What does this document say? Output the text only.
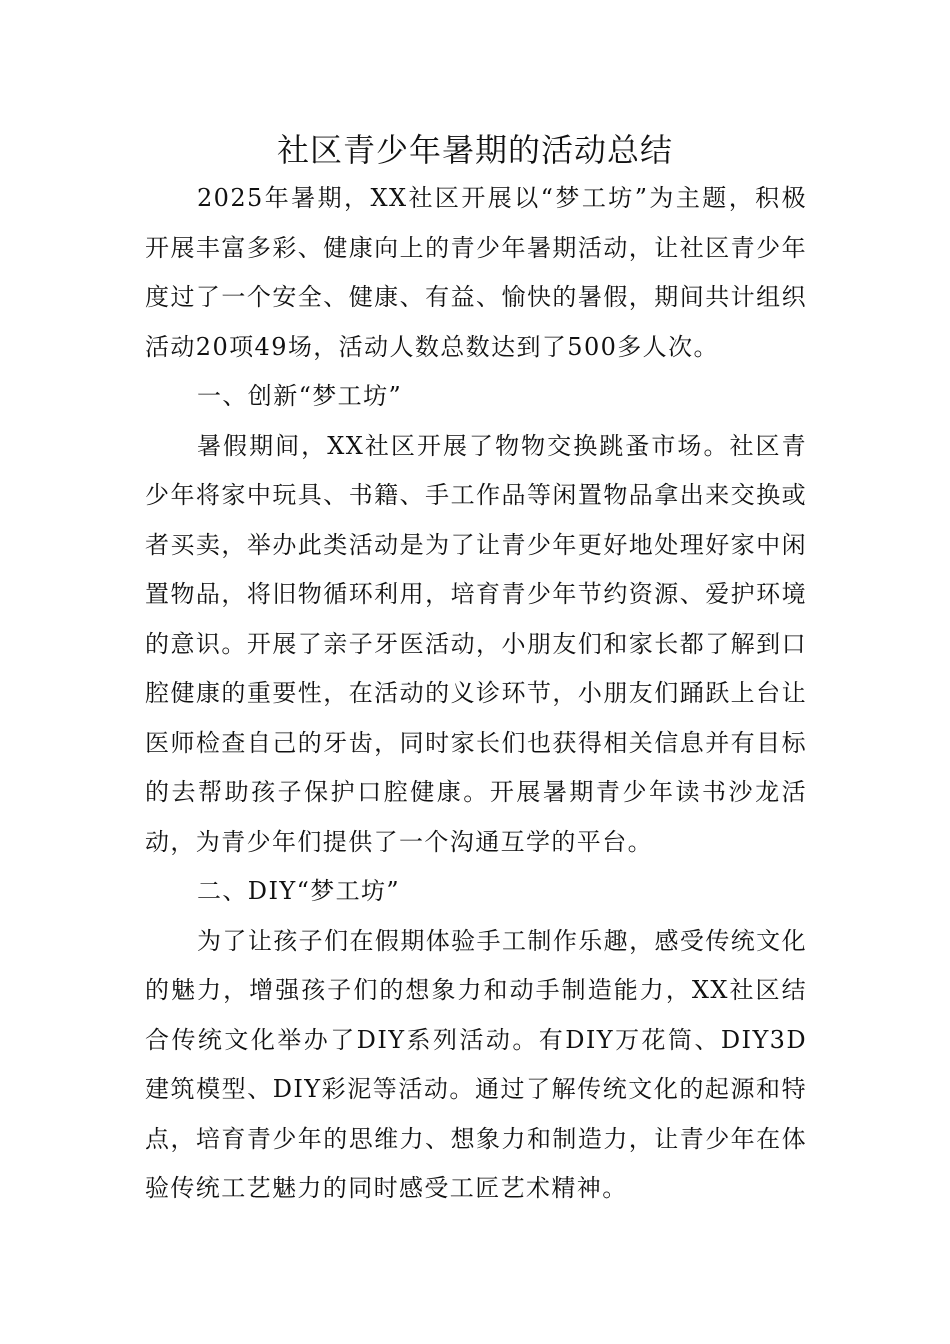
社区青少年暑期的活动总结

2025年暑期，XX社区开展以“梦工坊”为主题，积极开展丰富多彩、健康向上的青少年暑期活动，让社区青少年度过了一个安全、健康、有益、愉快的暑假，期间共计组织活动20项49场，活动人数总数达到了500多人次。

一、创新“梦工坊”

暑假期间，XX社区开展了物物交换跳蚤市场。社区青少年将家中玩具、书籍、手工作品等闲置物品拿出来交换或者买卖，举办此类活动是为了让青少年更好地处理好家中闲置物品，将旧物循环利用，培育青少年节约资源、爱护环境的意识。开展了亲子牙医活动，小朋友们和家长都了解到口腔健康的重要性，在活动的义诊环节，小朋友们踊跃上台让医师检查自己的牙齿，同时家长们也获得相关信息并有目标的去帮助孩子保护口腔健康。开展暑期青少年读书沙龙活动，为青少年们提供了一个沟通互学的平台。

二、DIY“梦工坊”

为了让孩子们在假期体验手工制作乐趣，感受传统文化的魅力，增强孩子们的想象力和动手制造能力，XX社区结合传统文化举办了DIY系列活动。有DIY万花筒、DIY3D建筑模型、DIY彩泥等活动。通过了解传统文化的起源和特点，培育青少年的思维力、想象力和制造力，让青少年在体验传统工艺魅力的同时感受工匠艺术精神。
